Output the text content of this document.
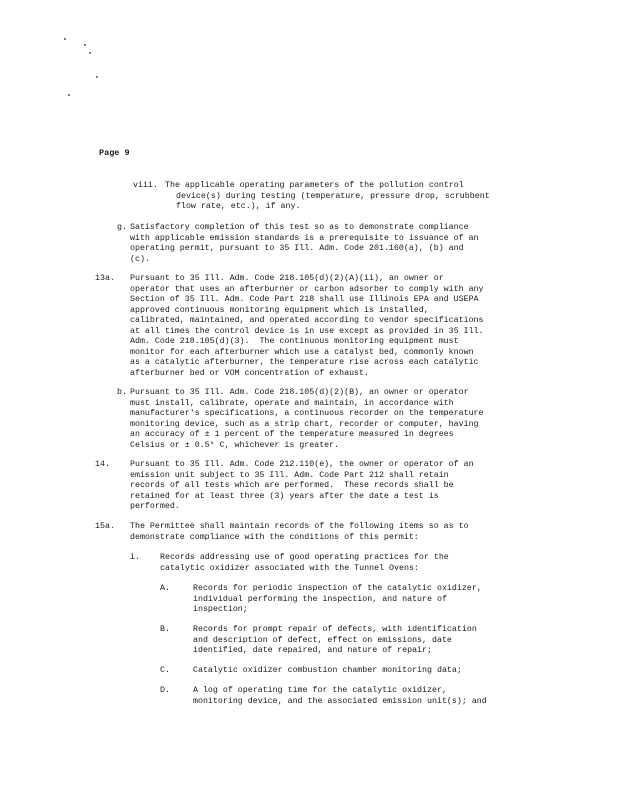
Page 9
viii. The applicable operating parameters of the pollution control
device(s) during testing (temperature, pressure drop, scrubbent
flow rate, etc.), if any.
g. Satisfactory completion of this test so as to demonstrate compliance
with applicable emission standards is a prerequisite to issuance of an
operating permit, pursuant to 35 Ill. Adm. Code 201.160(a), (b) and
(c).
13a. Pursuant to 35 Ill. Adm. Code 218.105(d)(2)(A)(ii), an owner or
operator that uses an afterburner or carbon adsorber to comply with any
Section of 35 Ill. Adm. Code Part 218 shall use Illinois EPA and USEPA
approved continuous monitoring equipment which is installed,
calibrated, maintained, and operated according to vendor specifications
at all times the control device is in use except as provided in 35 Ill.
Adm. Code 218.105(d)(3).  The continuous monitoring equipment must
monitor for each afterburner which use a catalyst bed, commonly known
as a catalytic afterburner, the temperature rise across each catalytic
afterburner bed or VOM concentration of exhaust.
b. Pursuant to 35 Ill. Adm. Code 218.105(d)(2)(B), an owner or operator
must install, calibrate, operate and maintain, in accordance with
manufacturer's specifications, a continuous recorder on the temperature
monitoring device, such as a strip chart, recorder or computer, having
an accuracy of ± 1 percent of the temperature measured in degrees
Celsius or ± 0.5° C, whichever is greater.
14. Pursuant to 35 Ill. Adm. Code 212.110(e), the owner or operator of an
emission unit subject to 35 Ill. Adm. Code Part 212 shall retain
records of all tests which are performed.  These records shall be
retained for at least three (3) years after the date a test is
performed.
15a. The Permittee shall maintain records of the following items so as to
demonstrate compliance with the conditions of this permit:
i. Records addressing use of good operating practices for the
catalytic oxidizer associated with the Tunnel Ovens:
A.	Records for periodic inspection of the catalytic oxidizer,
individual performing the inspection, and nature of
inspection;
B.	Records for prompt repair of defects, with identification
and description of defect, effect on emissions, date
identified, date repaired, and nature of repair;
C.	Catalytic oxidizer combustion chamber monitoring data;
D.	A log of operating time for the catalytic oxidizer,
monitoring device, and the associated emission unit(s); and
